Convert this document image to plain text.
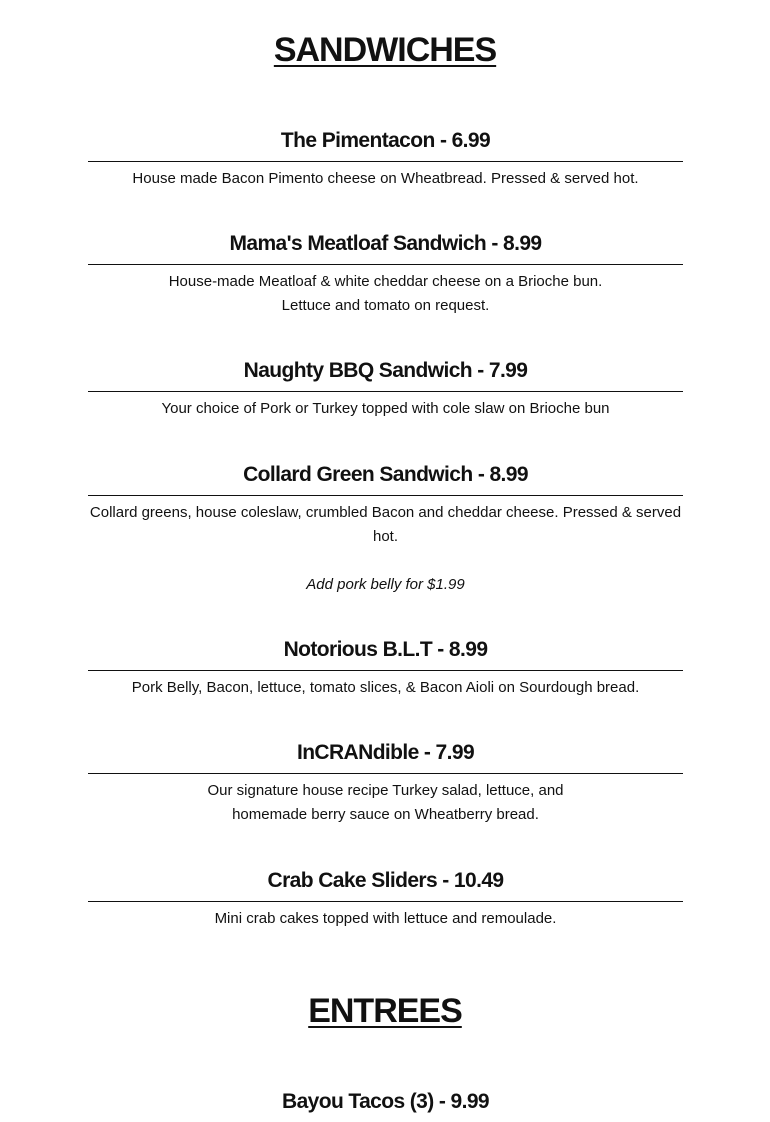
SANDWICHES
The Pimentacon - 6.99
House made Bacon Pimento cheese on Wheatbread. Pressed & served hot.
Mama's Meatloaf Sandwich - 8.99
House-made Meatloaf & white cheddar cheese on a Brioche bun.
Lettuce and tomato on request.
Naughty BBQ Sandwich - 7.99
Your choice of Pork or Turkey topped with cole slaw on Brioche bun
Collard Green Sandwich - 8.99
Collard greens, house coleslaw, crumbled Bacon and cheddar cheese. Pressed & served hot.
Add pork belly for $1.99
Notorious B.L.T - 8.99
Pork Belly, Bacon, lettuce, tomato slices, & Bacon Aioli on Sourdough bread.
InCRANdible - 7.99
Our signature house recipe Turkey salad, lettuce, and
homemade berry sauce on Wheatberry bread.
Crab Cake Sliders - 10.49
Mini crab cakes topped with lettuce and remoulade.
ENTREES
Bayou Tacos (3) - 9.99
